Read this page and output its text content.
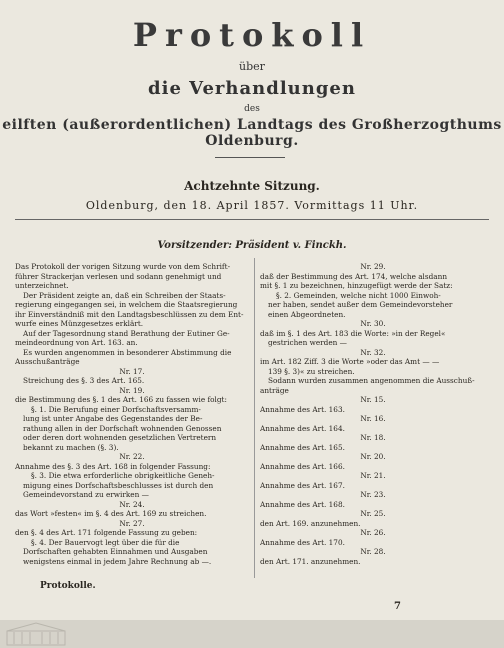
Protokoll
über
die Verhandlungen
des
eilften (außerordentlichen) Landtags des Großherzogthums Oldenburg.
Achtzehnte Sitzung.
Oldenburg, den 18. April 1857. Vormittags 11 Uhr.
Vorsitzender: Präsident v. Finckh.
Das Protokoll der vorigen Sitzung wurde von dem Schrift-
führer Strackerjan verlesen und sodann genehmigt und
unterzeichnet.
Der Präsident zeigte an, daß ein Schreiben der Staats-
regierung eingegangen sei, in welchem die Staatsregierung
ihr Einverständniß mit den Landtagsbeschlüssen zu dem Ent-
wurfe eines Münzgesetzes erklärt.
Auf der Tagesordnung stand Berathung der Eutiner Ge-
meindeordnung von Art. 163. an.
Es wurden angenommen in besonderer Abstimmung die
Ausschußanträge
Nr. 17.
Streichung des §. 3 des Art. 165.
Nr. 19.
die Bestimmung des §. 1 des Art. 166 zu fassen wie folgt:
§. 1. Die Berufung einer Dorfschaftsversamm-
lung ist unter Angabe des Gegenstandes der Be-
rathung allen in der Dorfschaft wohnenden Genossen
oder deren dort wohnenden gesetzlichen Vertretern
bekannt zu machen (§. 3).
Nr. 22.
Annahme des §. 3 des Art. 168 in folgender Fassung:
§. 3. Die etwa erforderliche obrigkeitliche Geneh-
migung eines Dorfschaftsbeschlusses ist durch den
Gemeindevorstand zu erwirken —
Nr. 24.
das Wort »festen« im §. 4 des Art. 169 zu streichen.
Nr. 27.
den §. 4 des Art. 171 folgende Fassung zu geben:
§. 4. Der Bauervogt legt über die für die
Dorfschaften gehabten Einnahmen und Ausgaben
wenigstens einmal in jedem Jahre Rechnung ab —.
Nr. 29.
daß der Bestimmung des Art. 174, welche alsdann
mit §. 1 zu bezeichnen, hinzugefügt werde der Satz:
§. 2. Gemeinden, welche nicht 1000 Einwoh-
ner haben, sendet außer dem Gemeindevorsteher
einen Abgeordneten.
Nr. 30.
daß im §. 1 des Art. 183 die Worte: »in der Regel«
gestrichen werden —
Nr. 32.
im Art. 182 Ziff. 3 die Worte »oder das Amt — —
139 §. 3)« zu streichen.
Sodann wurden zusammen angenommen die Ausschuß-
anträge
Nr. 15.
Annahme des Art. 163.
Nr. 16.
Annahme des Art. 164.
Nr. 18.
Annahme des Art. 165.
Nr. 20.
Annahme des Art. 166.
Nr. 21.
Annahme des Art. 167.
Nr. 23.
Annahme des Art. 168.
Nr. 25.
den Art. 169. anzunehmen.
Nr. 26.
Annahme des Art. 170.
Nr. 28.
den Art. 171. anzunehmen.
Protokolle.
7
